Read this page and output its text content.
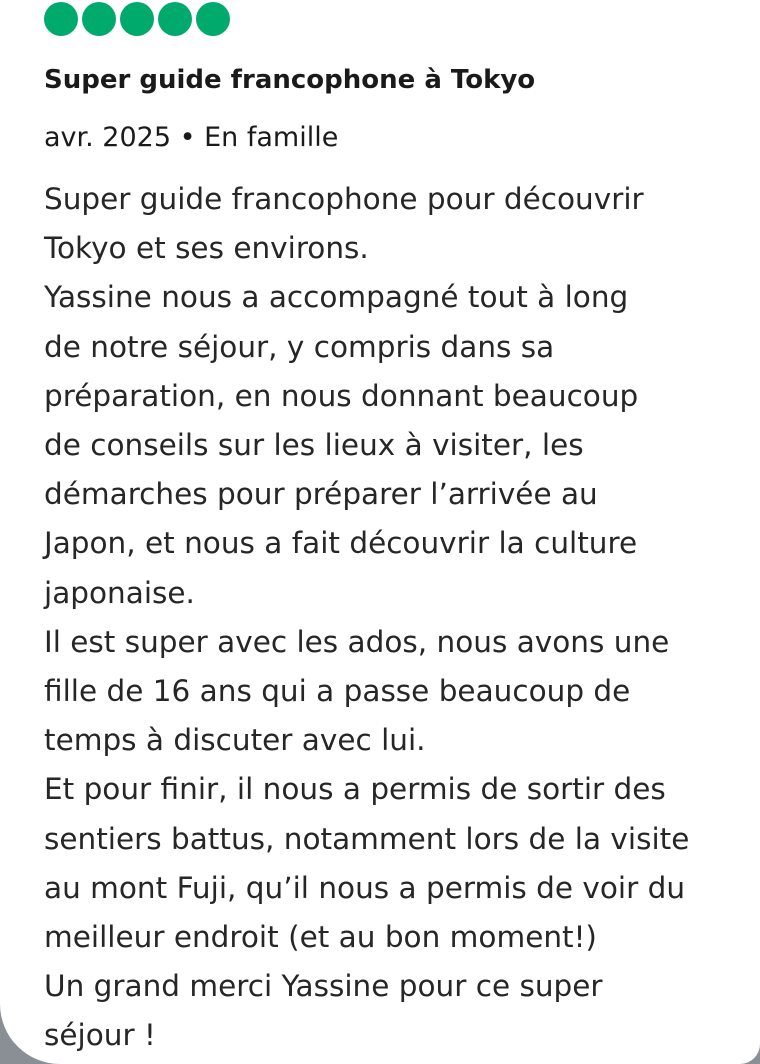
Super guide francophone à Tokyo
avr. 2025 • En famille
Super guide francophone pour découvrir
Tokyo et ses environs.
Yassine nous a accompagné tout à long
de notre séjour, y compris dans sa
préparation, en nous donnant beaucoup
de conseils sur les lieux à visiter, les
démarches pour préparer l’arrivée au
Japon, et nous a fait découvrir la culture
japonaise.
Il est super avec les ados, nous avons une
fille de 16 ans qui a passe beaucoup de
temps à discuter avec lui.
Et pour finir, il nous a permis de sortir des
sentiers battus, notamment lors de la visite
au mont Fuji, qu’il nous a permis de voir du
meilleur endroit (et au bon moment!)
Un grand merci Yassine pour ce super
séjour !
